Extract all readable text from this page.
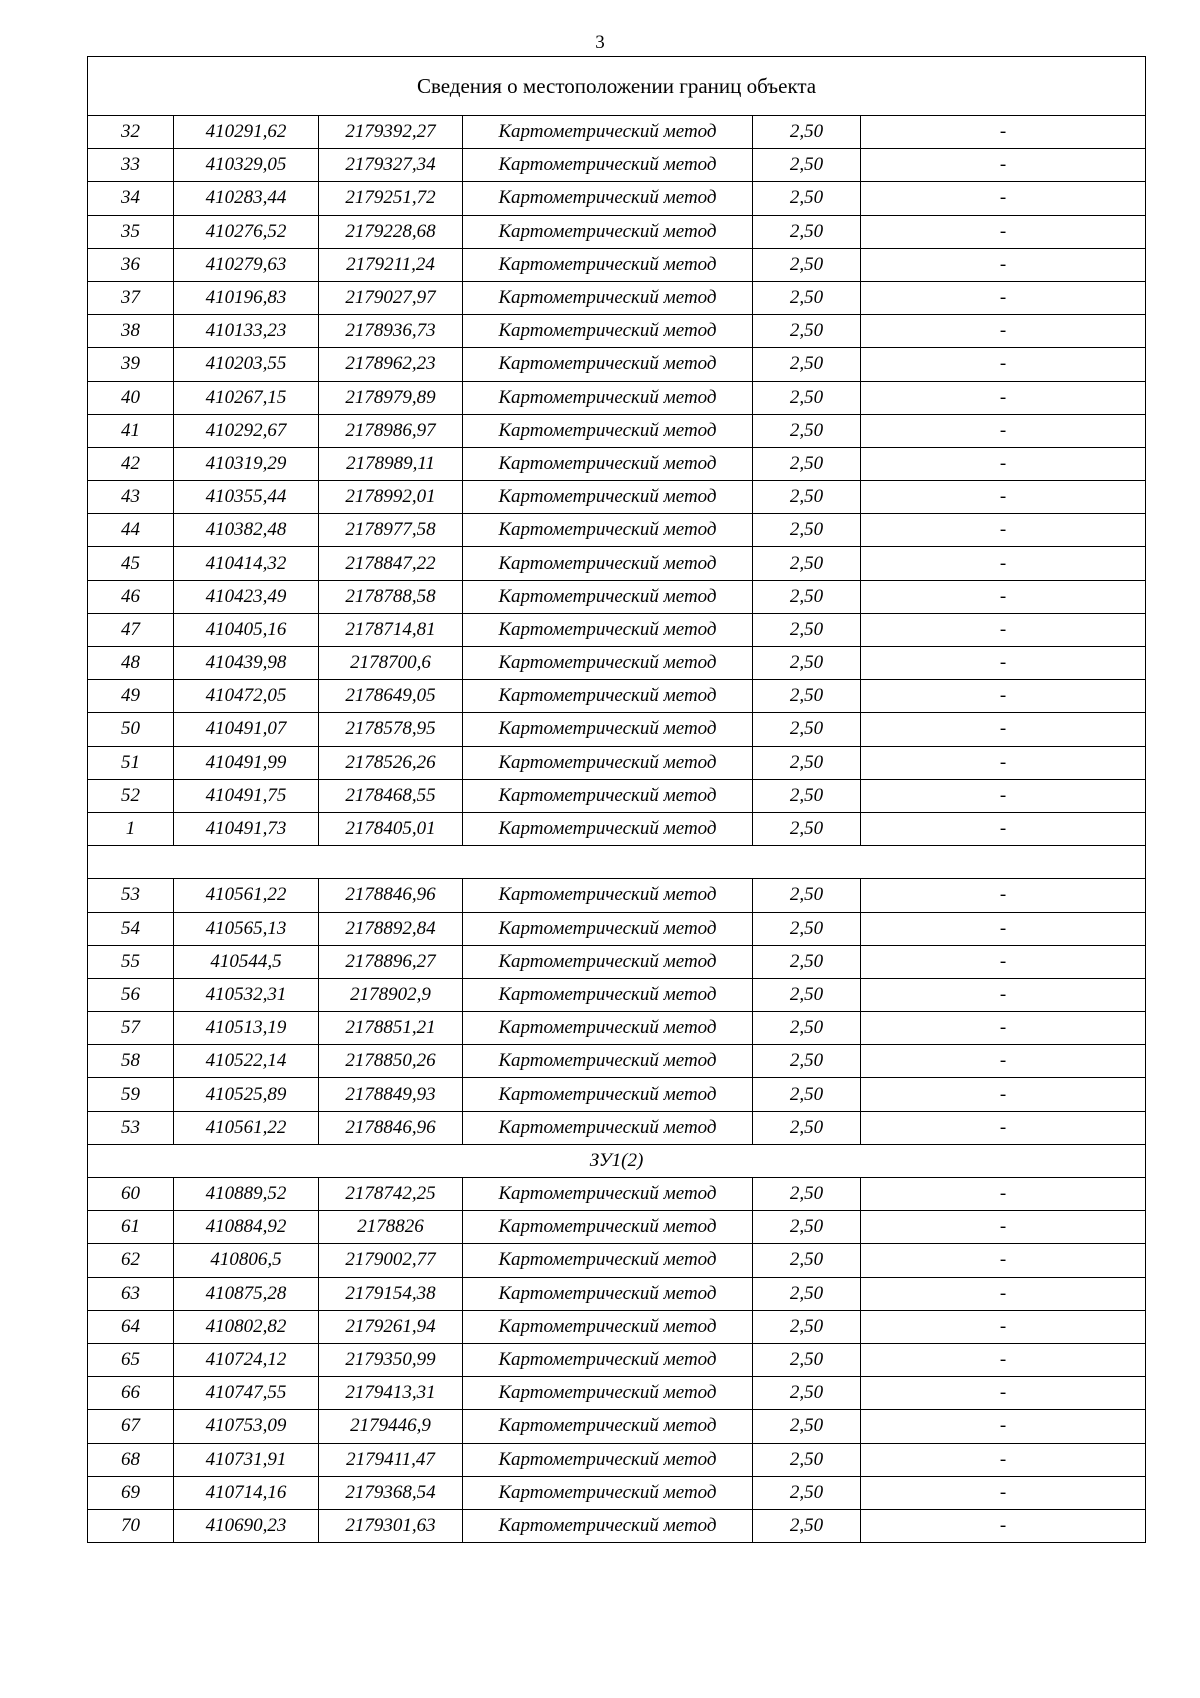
3
Сведения о местоположении границ объекта					
32	410291,62	2179392,27	Картометрический метод	2,50	-
33	410329,05	2179327,34	Картометрический метод	2,50	-
34	410283,44	2179251,72	Картометрический метод	2,50	-
35	410276,52	2179228,68	Картометрический метод	2,50	-
36	410279,63	2179211,24	Картометрический метод	2,50	-
37	410196,83	2179027,97	Картометрический метод	2,50	-
38	410133,23	2178936,73	Картометрический метод	2,50	-
39	410203,55	2178962,23	Картометрический метод	2,50	-
40	410267,15	2178979,89	Картометрический метод	2,50	-
41	410292,67	2178986,97	Картометрический метод	2,50	-
42	410319,29	2178989,11	Картометрический метод	2,50	-
43	410355,44	2178992,01	Картометрический метод	2,50	-
44	410382,48	2178977,58	Картометрический метод	2,50	-
45	410414,32	2178847,22	Картометрический метод	2,50	-
46	410423,49	2178788,58	Картометрический метод	2,50	-
47	410405,16	2178714,81	Картометрический метод	2,50	-
48	410439,98	2178700,6	Картометрический метод	2,50	-
49	410472,05	2178649,05	Картометрический метод	2,50	-
50	410491,07	2178578,95	Картометрический метод	2,50	-
51	410491,99	2178526,26	Картометрический метод	2,50	-
52	410491,75	2178468,55	Картометрический метод	2,50	-
1	410491,73	2178405,01	Картометрический метод	2,50	-

53	410561,22	2178846,96	Картометрический метод	2,50	-
54	410565,13	2178892,84	Картометрический метод	2,50	-
55	410544,5	2178896,27	Картометрический метод	2,50	-
56	410532,31	2178902,9	Картометрический метод	2,50	-
57	410513,19	2178851,21	Картометрический метод	2,50	-
58	410522,14	2178850,26	Картометрический метод	2,50	-
59	410525,89	2178849,93	Картометрический метод	2,50	-
53	410561,22	2178846,96	Картометрический метод	2,50	-
ЗУ1(2)					
60	410889,52	2178742,25	Картометрический метод	2,50	-
61	410884,92	2178826	Картометрический метод	2,50	-
62	410806,5	2179002,77	Картометрический метод	2,50	-
63	410875,28	2179154,38	Картометрический метод	2,50	-
64	410802,82	2179261,94	Картометрический метод	2,50	-
65	410724,12	2179350,99	Картометрический метод	2,50	-
66	410747,55	2179413,31	Картометрический метод	2,50	-
67	410753,09	2179446,9	Картометрический метод	2,50	-
68	410731,91	2179411,47	Картометрический метод	2,50	-
69	410714,16	2179368,54	Картометрический метод	2,50	-
70	410690,23	2179301,63	Картометрический метод	2,50	-
